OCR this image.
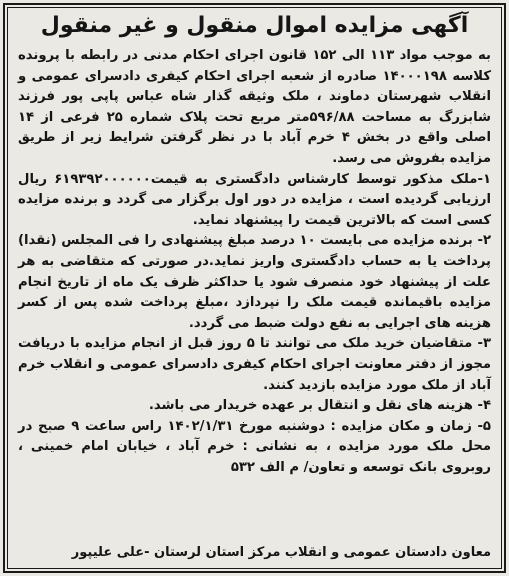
آگهی مزایده اموال منقول و غیر منقول

به موجب مواد ۱۱۳ الی ۱۵۲ قانون اجرای احکام مدنی در رابطه با پرونده کلاسه ۱۴۰۰۰۱۹۸ صادره از شعبه اجرای احکام کیفری دادسرای عمومی و انقلاب شهرستان دماوند ، ملک وثیقه گذار شاه عباس پاپی پور فرزند شابزرگ به مساحت ۵۹۶/۸۸متر مربع تحت پلاک شماره ۲۵ فرعی از ۱۴ اصلی واقع در بخش ۴ خرم آباد با در نظر گرفتن شرایط زیر از طریق مزایده بفروش می رسد.

۱-ملک مذکور توسط کارشناس دادگستری به قیمت۶۱۹۳۹۲۰۰۰۰۰۰ ریال ارزیابی گردیده است ، مزایده در دور اول برگزار می گردد و برنده مزایده کسی است که بالاترین قیمت را پیشنهاد نماید.

۲- برنده مزایده می بایست ۱۰ درصد مبلغ پیشنهادی را فی المجلس (نقدا) پرداخت یا به حساب دادگستری واریز نماید.در صورتی که متقاضی به هر علت از پیشنهاد خود منصرف شود یا حداکثر ظرف یک ماه از تاریخ انجام مزایده باقیمانده قیمت ملک را نپردازد ،مبلغ پرداخت شده پس از کسر هزینه های اجرایی به نفع دولت ضبط می گردد.

۳- متقاضیان خرید ملک می توانند تا ۵ روز قبل از انجام مزایده با دریافت مجوز از دفتر معاونت اجرای احکام کیفری دادسرای عمومی و انقلاب خرم آباد از ملک مورد مزایده بازدید کنند.

۴- هزینه های نقل و انتقال بر عهده خریدار می باشد.

۵- زمان و مکان مزایده : دوشنبه مورخ ۱۴۰۲/۱/۳۱ راس ساعت ۹ صبح در محل ملک مورد مزایده ، به نشانی : خرم آباد ، خیابان امام خمینی ، روبروی بانک توسعه و تعاون/ م الف ۵۳۲

معاون دادستان عمومی و انقلاب مرکز استان لرستان -علی علیپور
